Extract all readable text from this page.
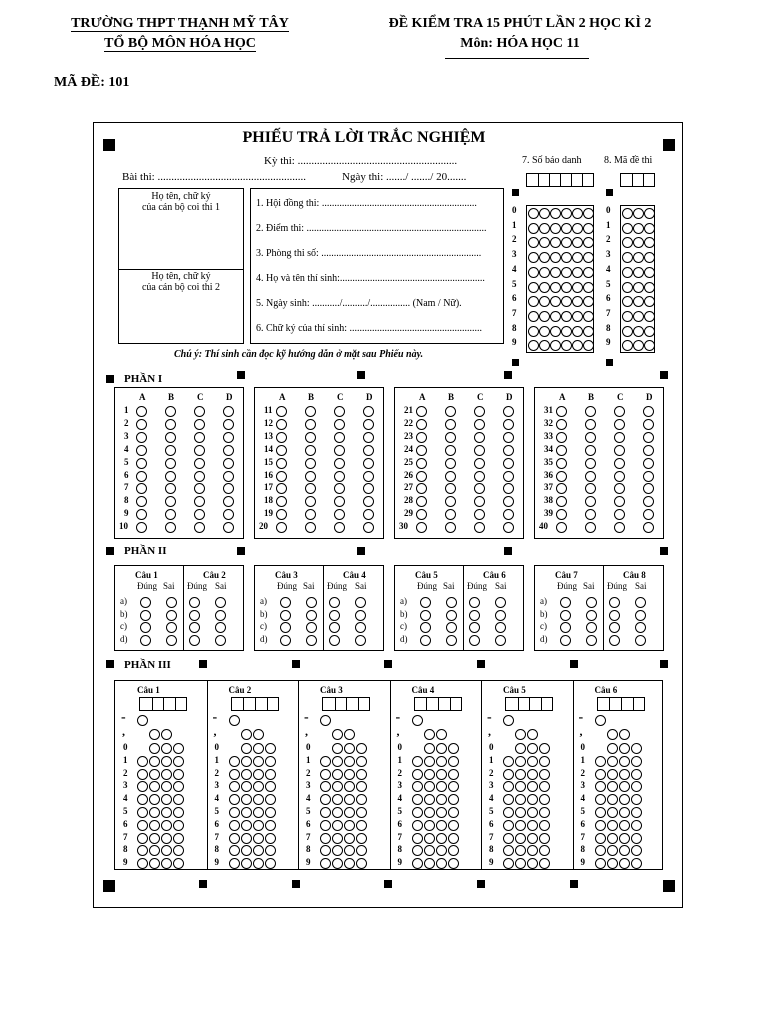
TRƯỜNG THPT THẠNH MỸ TÂY
TỔ BỘ MÔN HÓA HỌC
ĐỀ KIỂM TRA 15 PHÚT LẦN 2 HỌC KÌ 2
Môn: HÓA HỌC 11
MÃ ĐỀ: 101
PHIẾU TRẢ LỜI TRẮC NGHIỆM
Kỳ thi: ..........................................................
Bài thi: ......................................................	Ngày thi: ......./ ......./ 20.......
7. Số báo danh 8. Mã đề thi
Họ tên, chữ ký
của cán bộ coi thi 1
Họ tên, chữ ký
của cán bộ coi thi 2
1. Hội đồng thi: ..............................................................
2. Điểm thi: ........................................................................
3. Phòng thi số: ................................................................
4. Họ và tên thí sinh:..........................................................
5. Ngày sinh: .........../........../................ (Nam / Nữ).
6. Chữ ký của thí sinh: .....................................................
Chú ý: Thí sinh cần đọc kỹ hướng dẫn ở mặt sau Phiếu này.
0	0
1	1
2	2
3	3
4	4
5	5
6	6
7	7
8	8
9	9
PHẦN I
PHẦN II
PHẦN III
A	B	C	D
1
2
3
4
5
6
7
8
9
10
A	B	C	D
11
12
13
14
15
16
17
18
19
20
A	B	C	D
21
22
23
24
25
26
27
28
29
30
A	B	C	D
31
32
33
34
35
36
37
38
39
40
Câu 1
Đúng Sai
Câu 2
Đúng Sai
a)
b)
c)
d)
Câu 3
Đúng Sai
Câu 4
Đúng Sai
a)
b)
c)
d)
Câu 5
Đúng Sai
Câu 6
Đúng Sai
a)
b)
c)
d)
Câu 7
Đúng Sai
Câu 8
Đúng Sai
a)
b)
c)
d)
Câu 1
-
,
0
1
2
3
4
5
6
7
8
9
Câu 2
-
,
0
1
2
3
4
5
6
7
8
9
Câu 3
-
,
0
1
2
3
4
5
6
7
8
9
Câu 4
-
,
0
1
2
3
4
5
6
7
8
9
Câu 5
-
,
0
1
2
3
4
5
6
7
8
9
Câu 6
-
,
0
1
2
3
4
5
6
7
8
9
